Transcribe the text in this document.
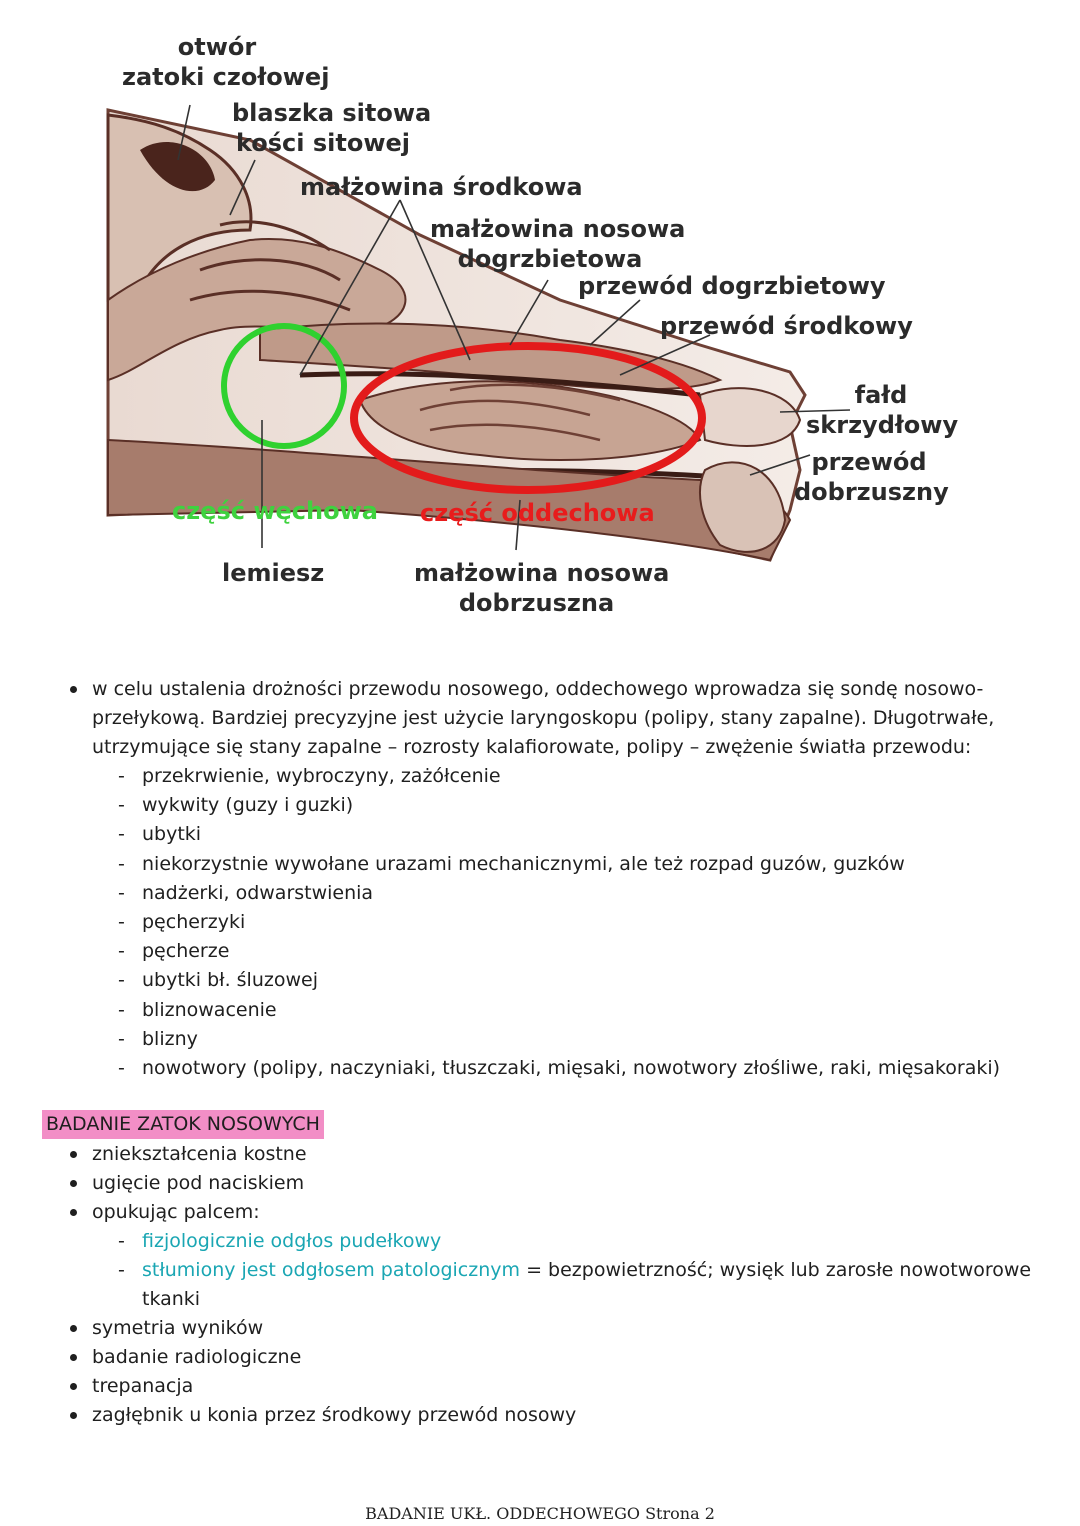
otwór
zatoki czołowej
blaszka sitowa
kości sitowej
małżowina środkowa
małżowina nosowa
dogrzbietowa
przewód dogrzbietowy
przewód środkowy
fałd
skrzydłowy
przewód
dobrzuszny
część węchowa część oddechowa
lemiesz	małżowina nosowa
dobrzuszna
w celu ustalenia drożności przewodu nosowego, oddechowego wprowadza się sondę nosowo-
przełykową. Bardziej precyzyjne jest użycie laryngoskopu (polipy, stany zapalne). Długotrwałe,
utrzymujące się stany zapalne – rozrosty kalafiorowate, polipy – zwężenie światła przewodu:
- przekrwienie, wybroczyny, zażółcenie
- wykwity (guzy i guzki)
- ubytki
- niekorzystnie wywołane urazami mechanicznymi, ale też rozpad guzów, guzków
- nadżerki, odwarstwienia
- pęcherzyki
- pęcherze
- ubytki bł. śluzowej
- bliznowacenie
- blizny
- nowotwory (polipy, naczyniaki, tłuszczaki, mięsaki, nowotwory złośliwe, raki, mięsakoraki)
BADANIE ZATOK NOSOWYCH
zniekształcenia kostne
ugięcie pod naciskiem
opukując palcem:
- fizjologicznie odgłos pudełkowy
- stłumiony jest odgłosem patologicznym = bezpowietrzność; wysięk lub zarosłe nowotworowe
tkanki
symetria wyników
badanie radiologiczne
trepanacja
zagłębnik u konia przez środkowy przewód nosowy
BADANIE UKŁ. ODDECHOWEGO Strona 2
